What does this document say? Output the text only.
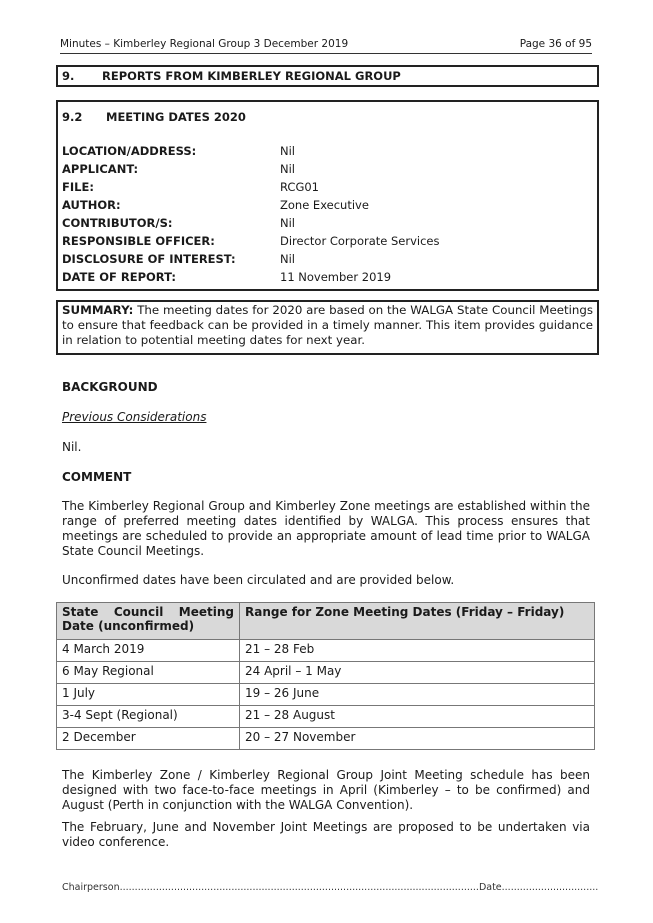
Minutes – Kimberley Regional Group 3 December 2019	Page 36 of 95
9. REPORTS FROM KIMBERLEY REGIONAL GROUP
9.2 MEETING DATES 2020
LOCATION/ADDRESS:	Nil
APPLICANT:	Nil
FILE:	RCG01
AUTHOR:	Zone Executive
CONTRIBUTOR/S:	Nil
RESPONSIBLE OFFICER:	Director Corporate Services
DISCLOSURE OF INTEREST:	Nil
DATE OF REPORT:	11 November 2019

SUMMARY: The meeting dates for 2020 are based on the WALGA State Council Meetings to ensure that feedback can be provided in a timely manner. This item provides guidance in relation to potential meeting dates for next year.

BACKGROUND
Previous Considerations
Nil.
COMMENT

The Kimberley Regional Group and Kimberley Zone meetings are established within the range of preferred meeting dates identified by WALGA. This process ensures that meetings are scheduled to provide an appropriate amount of lead time prior to WALGA State Council Meetings.

Unconfirmed dates have been circulated and are provided below.

State Council Meeting Date (unconfirmed)	Range for Zone Meeting Dates (Friday – Friday)
4 March 2019	21 – 28 Feb
6 May Regional	24 April – 1 May
1 July	19 – 26 June
3-4 Sept (Regional)	21 – 28 August
2 December	20 – 27 November

The Kimberley Zone / Kimberley Regional Group Joint Meeting schedule has been designed with two face-to-face meetings in April (Kimberley – to be confirmed) and August (Perth in conjunction with the WALGA Convention).

The February, June and November Joint Meetings are proposed to be undertaken via video conference.

Chairperson.......................................................................................................................Date................................
